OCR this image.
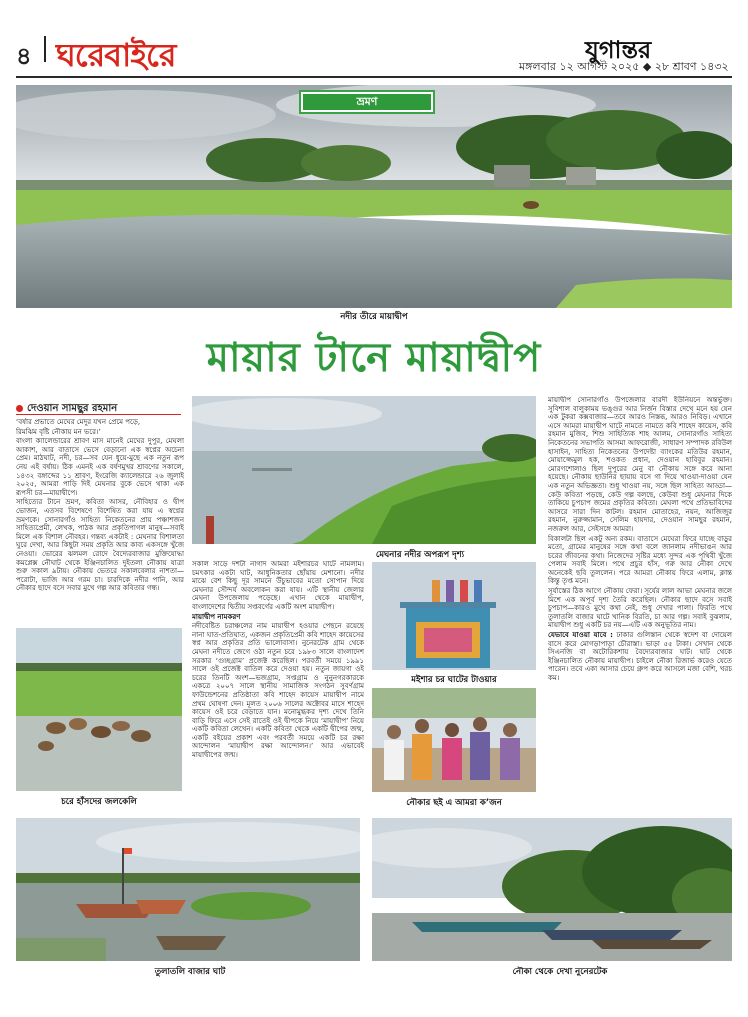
৪ ঘরেবাইরে	যুগান্তর
মঙ্গলবার ১২ আগস্ট ২০২৫ ◆ ২৮ শ্রাবণ ১৪৩২
ভ্রমণ
নদীর তীরে মায়াদ্বীপ
মায়ার টানে মায়াদ্বীপ
দেওয়ান সামছুর রহমান

‘বর্ষার প্রভাতে মেঘের মেদুর যখন প্রেমে পড়ে,

রিমঝিম বৃষ্টি নৌকায় মন ভরে।’

বাংলা ক্যালেন্ডারের শ্রাবণ মাস মানেই মেঘের দুপুর, মেঘলা আকাশ, আর বাতাসে ভেসে বেড়ানো এক স্বপ্নের অচেনা প্রেম। মাঠঘাট, নদী, চর—সব যেন ধুয়ে-মুছে এক নতুন রূপ নেয় এই বর্ষায়। ঠিক এমনই এক বর্ষণমুখর শ্রাবণের সকালে, ১৪৩২ বঙ্গাব্দের ১১ শ্রাবণ, ইংরেজি ক্যালেন্ডারে ২৬ জুলাই ২০২৫, আমরা পাড়ি দিই মেঘনার বুকে ভেসে থাকা এক রূপসী চর—মায়াদ্বীপে।

সাহিত্যের টানে ভ্রমণ, কবিতা আসর, নৌবিহার ও দ্বীপ ভোজন, এতসব বিশেষণে বিশেষিত করা যায় এ স্বপ্নের ভ্রমণকে। সোনারগাঁও সাহিত্য নিকেতনের প্রায় পঞ্চাশজন সাহিত্যপ্রেমী, লেখক, পাঠক আর প্রকৃতিপাগল মানুষ—সবাই মিলে এক বিশাল নৌবহর। গন্তব্য একটাই : মেঘনার বিশালতা ঘুরে দেখা, আর কিছুটা সময় প্রকৃতি আর কাব্য একসঙ্গে খুঁজে নেওয়া। ভোরের ঝলমল রোদে বৈদ্যেরবাজার মুক্তিযোদ্ধা কমপ্লেক্স নৌঘাট থেকে ইঞ্জিনচালিত দুইতলা নৌকায় যাত্রা শুরু সকাল ৯টায়। নৌকায় ভেতরে সকালবেলার নাশতা—পরোটা, ভাজি আর গরম চা। চারদিকে নদীর পানি, আর নৌকার ছাদে বসে সবার মুখে গল্প আর কবিতার গন্ধ।

চরে হাঁসদের জলকেলি
মেঘনার নদীর অপরূপ দৃশ্য

সকাল সাড়ে দশটা নাগাদ আমরা মইশারচর ঘাটে নামলাম। চমৎকার একটা ঘাট, আধুনিকতার ছোঁয়ায় মেশানো। নদীর মাঝে বেশ কিছু দূর সামনে উঁচুভাবের মতো সোপান দিয়ে মেঘনার সৌন্দর্য অবলোকন করা যায়। এটি স্থানীয় জেলার মেঘনা উপজেলায় পড়েছে। এখান থেকে মায়াদ্বীপ, বাংলাদেশের দ্বিতীয় সপ্তবর্গের একটি অংশ মায়াদ্বীপ।

মায়াদ্বীপ নামকরণ

নদীবেষ্টিত চরাঞ্চলের নাম মায়াদ্বীপ হওয়ার পেছনে রয়েছে নানা ঘাত-প্রতিঘাত, একজন প্রকৃতিপ্রেমী কবি শাহেদ কায়েসের স্বপ্ন আর প্রকৃতির প্রতি ভালোবাসা। নুনেরটেক গ্রাম থেকে মেঘনা নদীতে জেগে ওঠা নতুন চরে ১৯৮৩ সালে বাংলাদেশ সরকার ‘গুচ্ছগ্রাম’ প্রজেক্ট করেছিল। পরবর্তী সময়ে ১৯৯১ সালে ওই প্রজেক্ট বাতিল করে দেওয়া হয়। নতুন জায়গা ওই চরের তিনটি অংশ—ভজগ্রাম, সপ্তগ্রাম ও নুনুনগরকারকে একত্রে ২০০৭ সালে স্থানীয় সামাজিক সংগঠন সুবর্ণগ্রাম ফাউন্ডেশনের প্রতিষ্ঠাতা কবি শাহেদ কায়েস মায়াদ্বীপ নামে প্রথম ঘোষণা দেন। মূলত ২০০৬ সালের অক্টোবর মাসে শাহেদ কায়েস ওই চরে বেড়াতে যান। মনোমুগ্ধকর দৃশ্য দেখে তিনি বাড়ি ফিরে এসে সেই রাতেই ওই দ্বীপকে নিয়ে ‘মায়াদ্বীপ’ নিয়ে একটি কবিতা লেখেন। একটি কবিতা থেকে একটি দ্বীপের জন্ম, একটি বইয়ের প্রকাশ এবং পরবর্তী সময়ে একটি চর রক্ষা আন্দোলন ‘মায়াদ্বীপ রক্ষা আন্দোলন।’ আর এভাবেই মায়াদ্বীপের জন্ম।

মইশার চর ঘাটের টাওয়ার
নৌকার ছই এ আমরা ক’জন

মায়াদ্বীপ সোনারগাঁও উপজেলার বারদী ইউনিয়নে অন্তর্ভুক্ত। সুবিশাল বালুকাময় ভঙ্গুর আর নির্জন বিস্তার দেখে মনে হয় যেন এক টুকরা কক্সবাজার—তবে আরও নিস্তব্ধ, আরও নিবিড়। এখানে এসে আমরা মায়াদ্বীপ ঘাটে নামতে নামতে কবি শাহেদ কায়েস, কবি রহমান মুজিব, শিশু সাহিত্যিক শাহ আলম, সোনারগাঁও সাহিত্য নিকেতনের সভাপতি আসমা আফরোজী, সাধারণ সম্পাদক রবিউল হাসাইন, সাহিত্য নিকেতনের উপদেষ্টা ব্যাংকের মতিউর রহমান, মোয়াজ্জেমুল হক, শওকত প্রধান, দেওয়ান হাবিবুর রহমান। মোরগশোলাও ছিল দুপুরের মেনু বা নৌকায় সঙ্গে করে আনা হয়েছে। নৌকায় ছাউনির ছায়ায় বসে গা দিয়ে খাওয়া-দাওয়া যেন এক নতুন অভিজ্ঞতা। শুধু খাওয়া নয়, সঙ্গে ছিল সাহিত্য আড্ডা—কেউ কবিতা পড়ছে, কেউ গল্প বলছে, কেউবা শুধু মেঘনার দিকে তাকিয়ে চুপচাপ জমের প্রকৃতির কবিতা। মেঘলা পথে প্রতিভাবিদের আসরে সারা দিন কাটল। রহমান মোতাহের, নয়ন, আজিজুর রহমান, নুরুজ্জামান, সেলিম হায়দার, দেওয়ান সামছুর রহমান, নজরুল আর, সেইসঙ্গে আমরা।

বিকালটা ছিল একটু অন্য রকম। বাতাসে মেঘেরা ফিরে যাচ্ছে বাড়ুর মতো, গ্রামের মানুষের সঙ্গে কথা বলে জানলাম নদীভাঙন আর চরের জীবনের কথা। নিজেদের সৃষ্টির মধ্যে সুন্দর এক পৃথিবী খুঁজে পেলাম সবাই মিলে। পথে প্রচুর হাঁস, গরু আর নৌকা দেখে অনেকেই ছবি তুললেন। পরে আমরা নৌকায় ফিরে এলাম, ক্লান্ত কিন্তু তৃপ্ত মনে।

সূর্যাস্তের ঠিক আগে নৌকায় ফেরা। সূর্যের লাল আভা মেঘনার জলে মিশে এক অপূর্ব দৃশ্য তৈরি করেছিল। নৌকার ছাদে বসে সবাই চুপচাপ—কারও মুখে কথা নেই, শুধু দেখার পালা। ফিরতি পথে তুলাতলি বাজার ঘাটে খানিক বিরতি, চা আর গল্প। সবাই বুঝলাম, মায়াদ্বীপ শুধু একটি চর নয়—এটি এক অনুভূতির নাম।

যেভাবে যাওয়া যাবে : ঢাকার গুলিস্তান থেকে স্বদেশ বা দোয়েল বাসে করে মোগড়াপাড়া চৌরাস্তা। ভাড়া ৫৫ টাকা। সেখান থেকে সিএনজি বা অটোরিকশায় বৈদ্যেরবাজার ঘাট। ঘাট থেকে ইঞ্জিনচালিত নৌকায় মায়াদ্বীপ। চাইলে নৌকা রিজার্ভ করেও যেতে পারেন। তবে একা আসার চেয়ে গ্রুপ করে আসলে মজা বেশি, খরচ কম।

তুলাতলি বাজার ঘাট	নৌকা থেকে দেখা নুনেরটেক
